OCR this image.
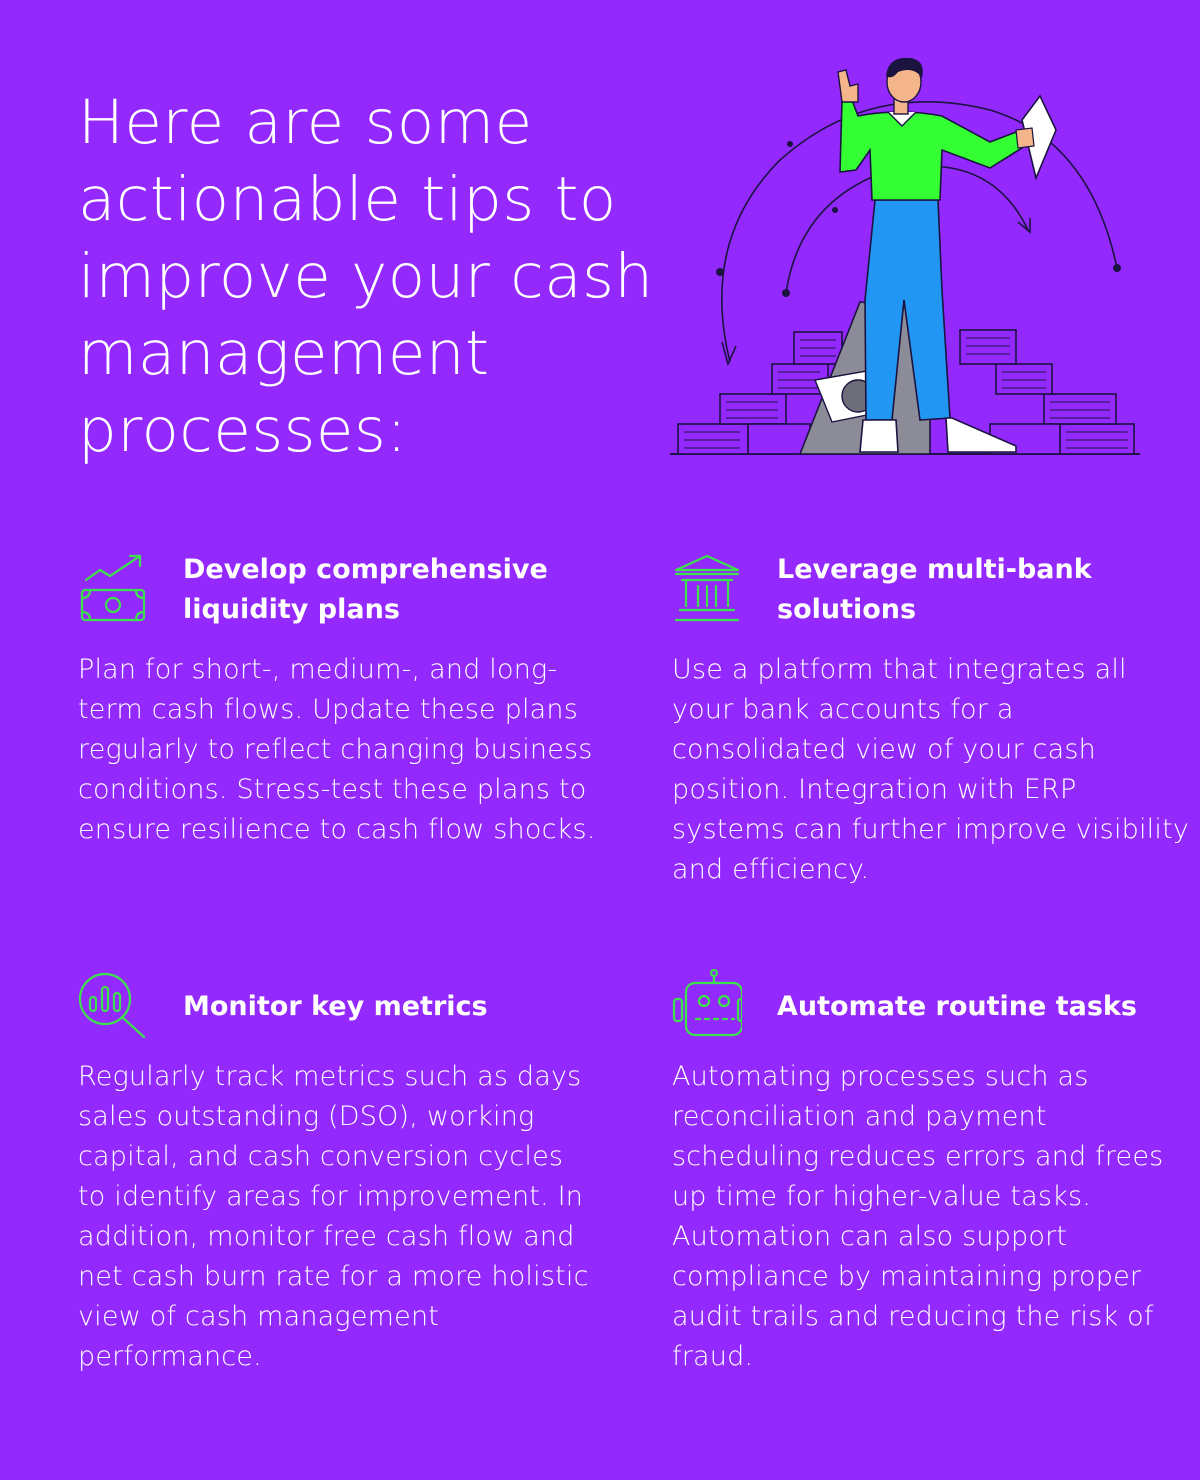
Here are some actionable tips to improve your cash management processes:
Develop comprehensive liquidity plans

Plan for short-, medium-, and long-term cash flows. Update these plans regularly to reflect changing business conditions. Stress-test these plans to ensure resilience to cash flow shocks.

Leverage multi-bank solutions

Use a platform that integrates all your bank accounts for a consolidated view of your cash position. Integration with ERP systems can further improve visibility and efficiency.

Monitor key metrics

Regularly track metrics such as days sales outstanding (DSO), working capital, and cash conversion cycles to identify areas for improvement. In addition, monitor free cash flow and net cash burn rate for a more holistic view of cash management performance.

Automate routine tasks

Automating processes such as reconciliation and payment scheduling reduces errors and frees up time for higher-value tasks. Automation can also support compliance by maintaining proper audit trails and reducing the risk of fraud.
